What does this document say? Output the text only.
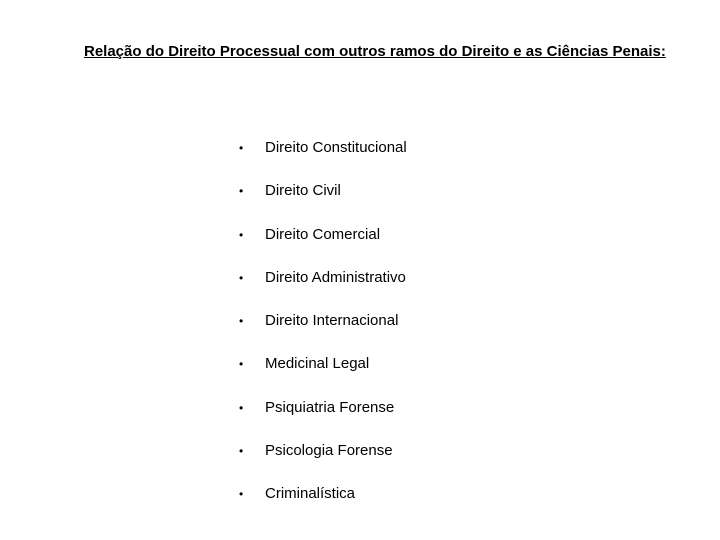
Relação do Direito Processual com outros ramos do Direito e as Ciências Penais:
• Direito Constitucional
• Direito Civil
• Direito Comercial
• Direito Administrativo
• Direito Internacional
• Medicinal Legal
• Psiquiatria Forense
• Psicologia Forense
• Criminalística
